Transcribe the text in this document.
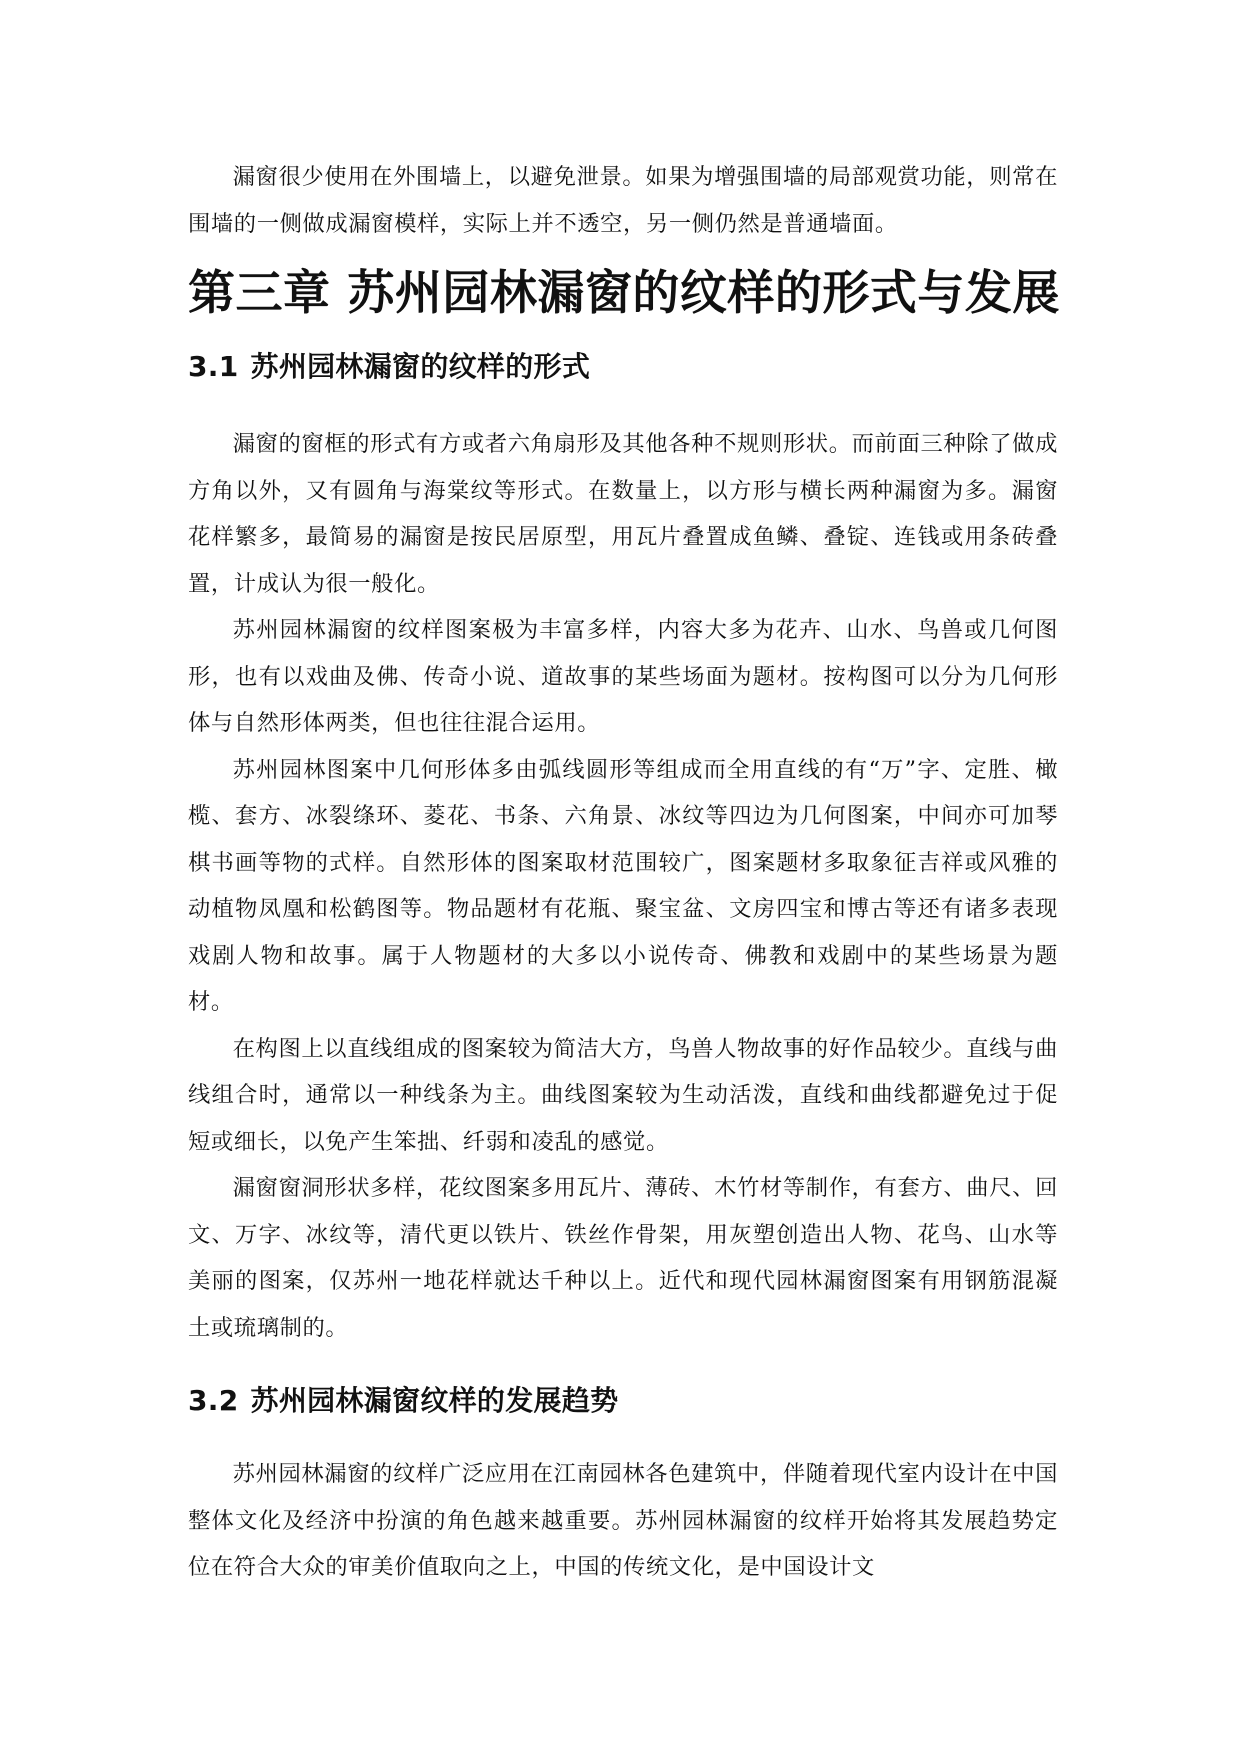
漏窗很少使用在外围墙上，以避免泄景。如果为增强围墙的局部观赏功能，则常在围墙的一侧做成漏窗模样，实际上并不透空，另一侧仍然是普通墙面。

第三章 苏州园林漏窗的纹样的形式与发展
3.1 苏州园林漏窗的纹样的形式

漏窗的窗框的形式有方或者六角扇形及其他各种不规则形状。而前面三种除了做成方角以外，又有圆角与海棠纹等形式。在数量上，以方形与横长两种漏窗为多。漏窗花样繁多，最简易的漏窗是按民居原型，用瓦片叠置成鱼鳞、叠锭、连钱或用条砖叠置，计成认为很一般化。

苏州园林漏窗的纹样图案极为丰富多样，内容大多为花卉、山水、鸟兽或几何图形，也有以戏曲及佛、传奇小说、道故事的某些场面为题材。按构图可以分为几何形体与自然形体两类，但也往往混合运用。

苏州园林图案中几何形体多由弧线圆形等组成而全用直线的有“万”字、定胜、橄榄、套方、冰裂绦环、菱花、书条、六角景、冰纹等四边为几何图案，中间亦可加琴棋书画等物的式样。自然形体的图案取材范围较广，图案题材多取象征吉祥或风雅的动植物凤凰和松鹤图等。物品题材有花瓶、聚宝盆、文房四宝和博古等还有诸多表现戏剧人物和故事。属于人物题材的大多以小说传奇、佛教和戏剧中的某些场景为题材。

在构图上以直线组成的图案较为简洁大方，鸟兽人物故事的好作品较少。直线与曲线组合时，通常以一种线条为主。曲线图案较为生动活泼，直线和曲线都避免过于促短或细长，以免产生笨拙、纤弱和凌乱的感觉。

漏窗窗洞形状多样，花纹图案多用瓦片、薄砖、木竹材等制作，有套方、曲尺、回文、万字、冰纹等，清代更以铁片、铁丝作骨架，用灰塑创造出人物、花鸟、山水等美丽的图案，仅苏州一地花样就达千种以上。近代和现代园林漏窗图案有用钢筋混凝土或琉璃制的。

3.2 苏州园林漏窗纹样的发展趋势

苏州园林漏窗的纹样广泛应用在江南园林各色建筑中，伴随着现代室内设计在中国整体文化及经济中扮演的角色越来越重要。苏州园林漏窗的纹样开始将其发展趋势定位在符合大众的审美价值取向之上，中国的传统文化，是中国设计文
